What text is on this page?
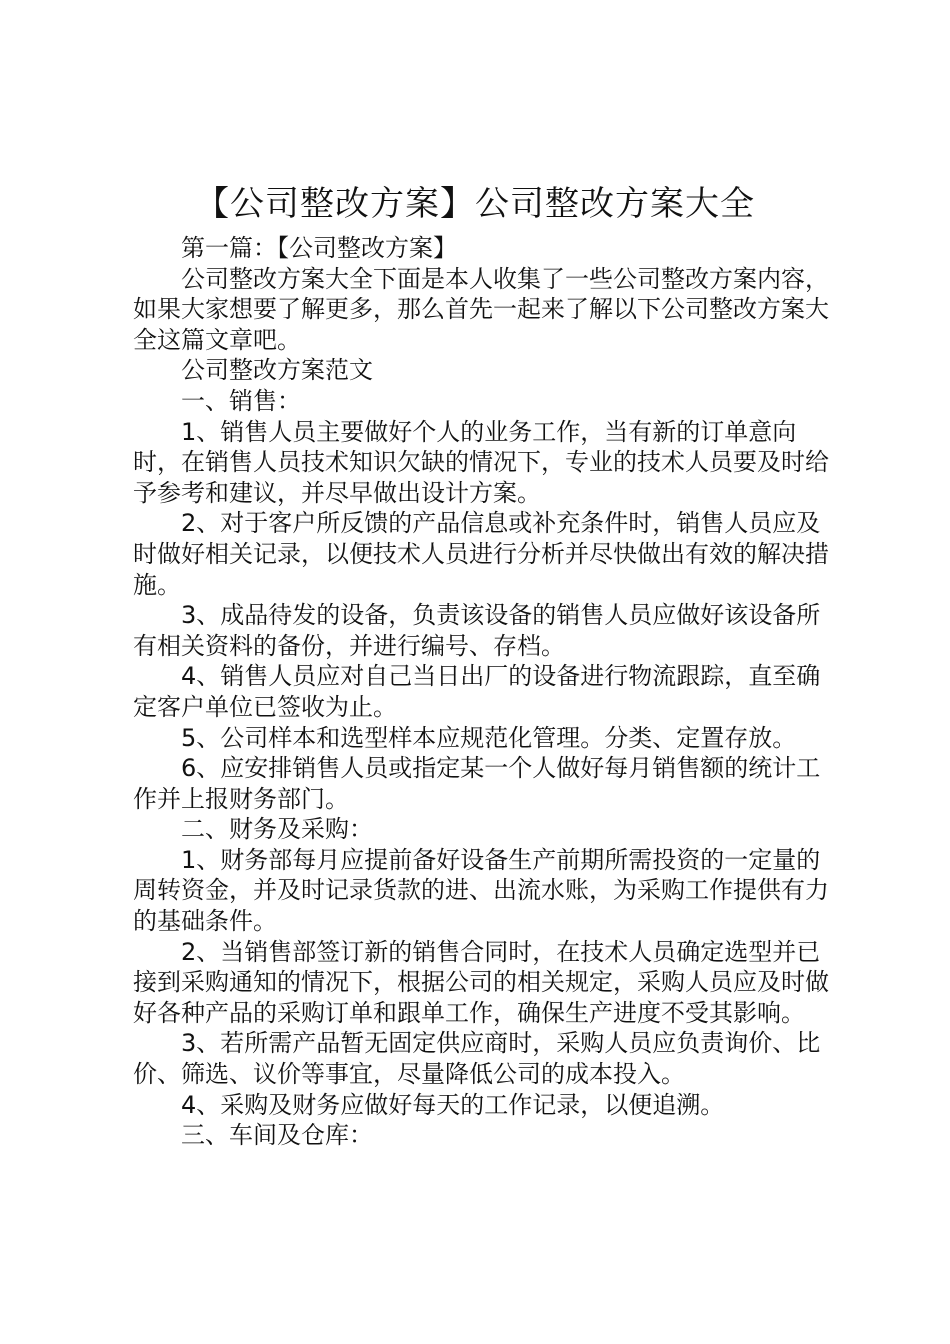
【公司整改方案】公司整改方案大全

第一篇：【公司整改方案】

公司整改方案大全下面是本人收集了一些公司整改方案内容，如果大家想要了解更多，那么首先一起来了解以下公司整改方案大全这篇文章吧。

公司整改方案范文

一、销售：

1、销售人员主要做好个人的业务工作，当有新的订单意向时，在销售人员技术知识欠缺的情况下，专业的技术人员要及时给予参考和建议，并尽早做出设计方案。

2、对于客户所反馈的产品信息或补充条件时，销售人员应及时做好相关记录，以便技术人员进行分析并尽快做出有效的解决措施。

3、成品待发的设备，负责该设备的销售人员应做好该设备所有相关资料的备份，并进行编号、存档。

4、销售人员应对自己当日出厂的设备进行物流跟踪，直至确定客户单位已签收为止。

5、公司样本和选型样本应规范化管理。分类、定置存放。

6、应安排销售人员或指定某一个人做好每月销售额的统计工作并上报财务部门。

二、财务及采购：

1、财务部每月应提前备好设备生产前期所需投资的一定量的周转资金，并及时记录货款的进、出流水账，为采购工作提供有力的基础条件。

2、当销售部签订新的销售合同时，在技术人员确定选型并已接到采购通知的情况下，根据公司的相关规定，采购人员应及时做好各种产品的采购订单和跟单工作，确保生产进度不受其影响。

3、若所需产品暂无固定供应商时，采购人员应负责询价、比价、筛选、议价等事宜，尽量降低公司的成本投入。

4、采购及财务应做好每天的工作记录，以便追溯。

三、车间及仓库：
